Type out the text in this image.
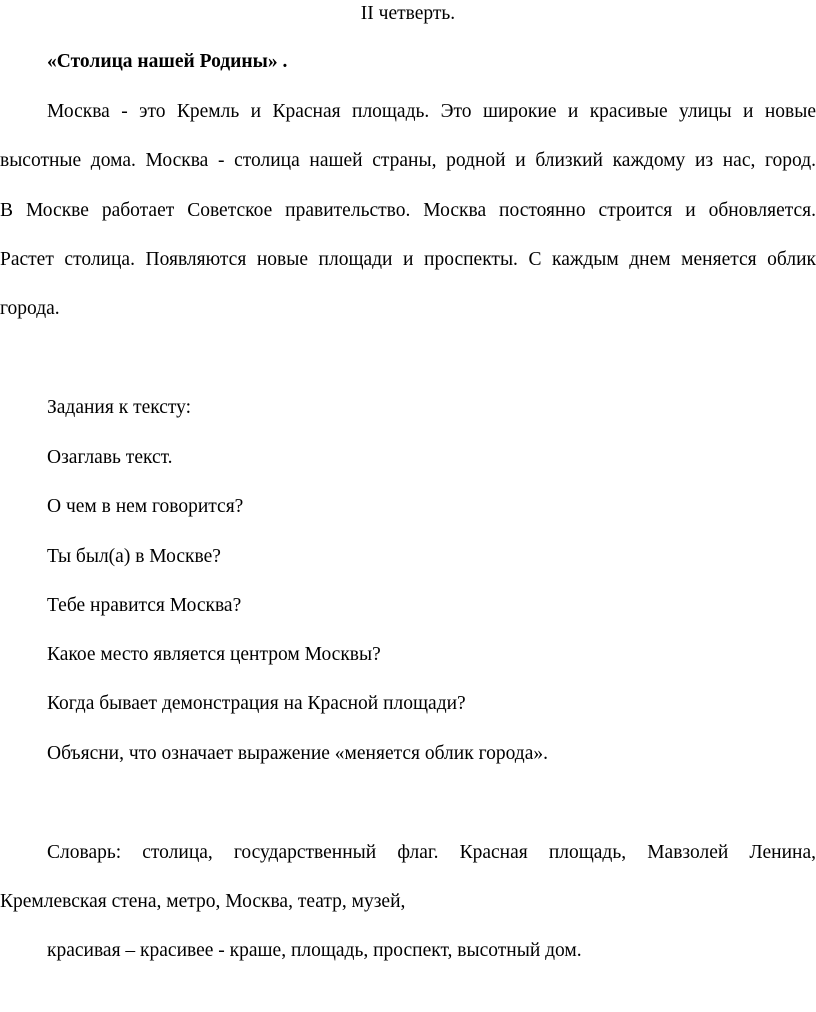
II четверть.
«Столица нашей Родины» .
Москва - это Кремль и Красная площадь. Это широкие и красивые улицы и новые
высотные дома. Москва - столица нашей страны, родной и близкий каждому из нас, город.
В Москве работает Советское правительство. Москва постоянно строится и обновляется.
Растет столица. Появляются новые площади и проспекты. С каждым днем меняется облик
города.
Задания к тексту:
Озаглавь текст.
О чем в нем говорится?
Ты был(а) в Москве?
Тебе нравится Москва?
Какое место является центром Москвы?
Когда бывает демонстрация на Красной площади?
Объясни, что означает выражение «меняется облик города».
Словарь: столица, государственный флаг. Красная площадь, Мавзолей Ленина,
Кремлевская стена, метро, Москва, театр, музей,
красивая – красивее - краше, площадь, проспект, высотный дом.
